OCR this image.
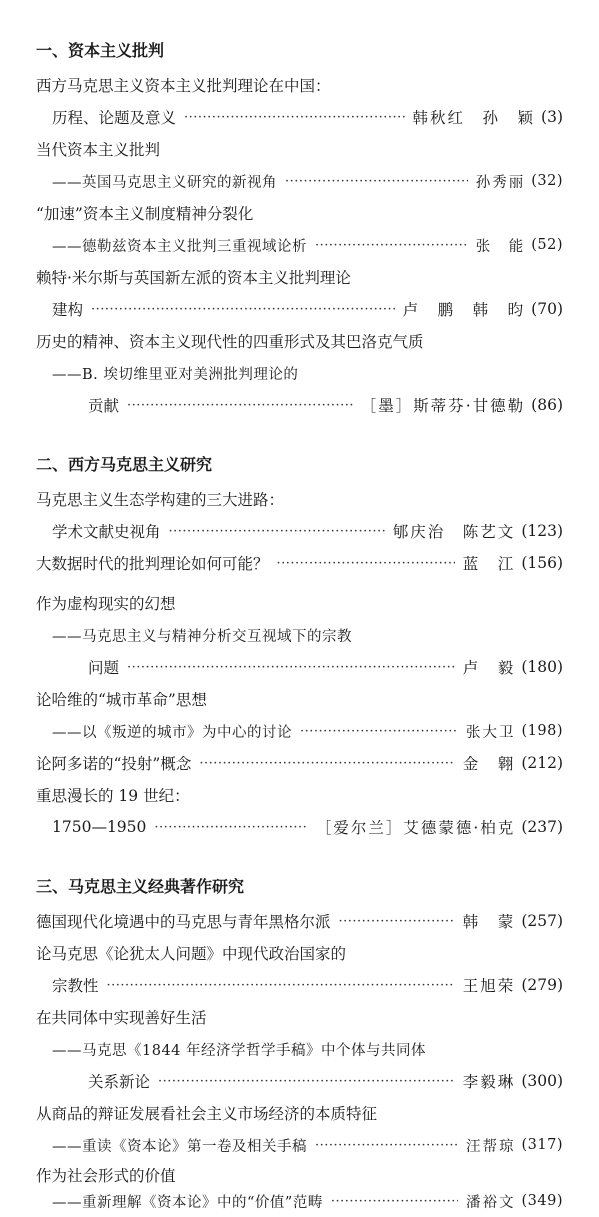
一、资本主义批判
西方马克思主义资本主义批判理论在中国：
历程、论题及意义 ·····	韩秋红　孙　颖 (3)
当代资本主义批判
——英国马克思主义研究的新视角 ·····	孙秀丽 (32)
“加速”资本主义制度精神分裂化
——德勒兹资本主义批判三重视域论析 ·····	张　能 (52)
赖特·米尔斯与英国新左派的资本主义批判理论
建构 ·····	卢　鹏　韩　昀 (70)
历史的精神、资本主义现代性的四重形式及其巴洛克气质
——B. 埃切维里亚对美洲批判理论的
贡献 ·····	［墨］斯蒂芬·甘德勒 (86)
二、西方马克思主义研究
马克思主义生态学构建的三大进路：
学术文献史视角 ·····	郇庆治　陈艺文 (123)
大数据时代的批判理论如何可能？ ·····	蓝　江 (156)
作为虚构现实的幻想
——马克思主义与精神分析交互视域下的宗教
问题 ·····	卢　毅 (180)
论哈维的“城市革命”思想
——以《叛逆的城市》为中心的讨论 ·····	张大卫 (198)
论阿多诺的“投射”概念 ·····	金　翱 (212)
重思漫长的 19 世纪：
1750—1950 ·····	［爱尔兰］艾德蒙德·柏克 (237)
三、马克思主义经典著作研究
德国现代化境遇中的马克思与青年黑格尔派 ·····	韩　蒙 (257)
论马克思《论犹太人问题》中现代政治国家的
宗教性 ·····	王旭荣 (279)
在共同体中实现善好生活
——马克思《1844 年经济学哲学手稿》中个体与共同体
关系新论 ·····	李毅琳 (300)
从商品的辩证发展看社会主义市场经济的本质特征
——重读《资本论》第一卷及相关手稿 ·····	汪帮琼 (317)
作为社会形式的价值
——重新理解《资本论》中的“价值”范畴 ·····	潘裕文 (349)
